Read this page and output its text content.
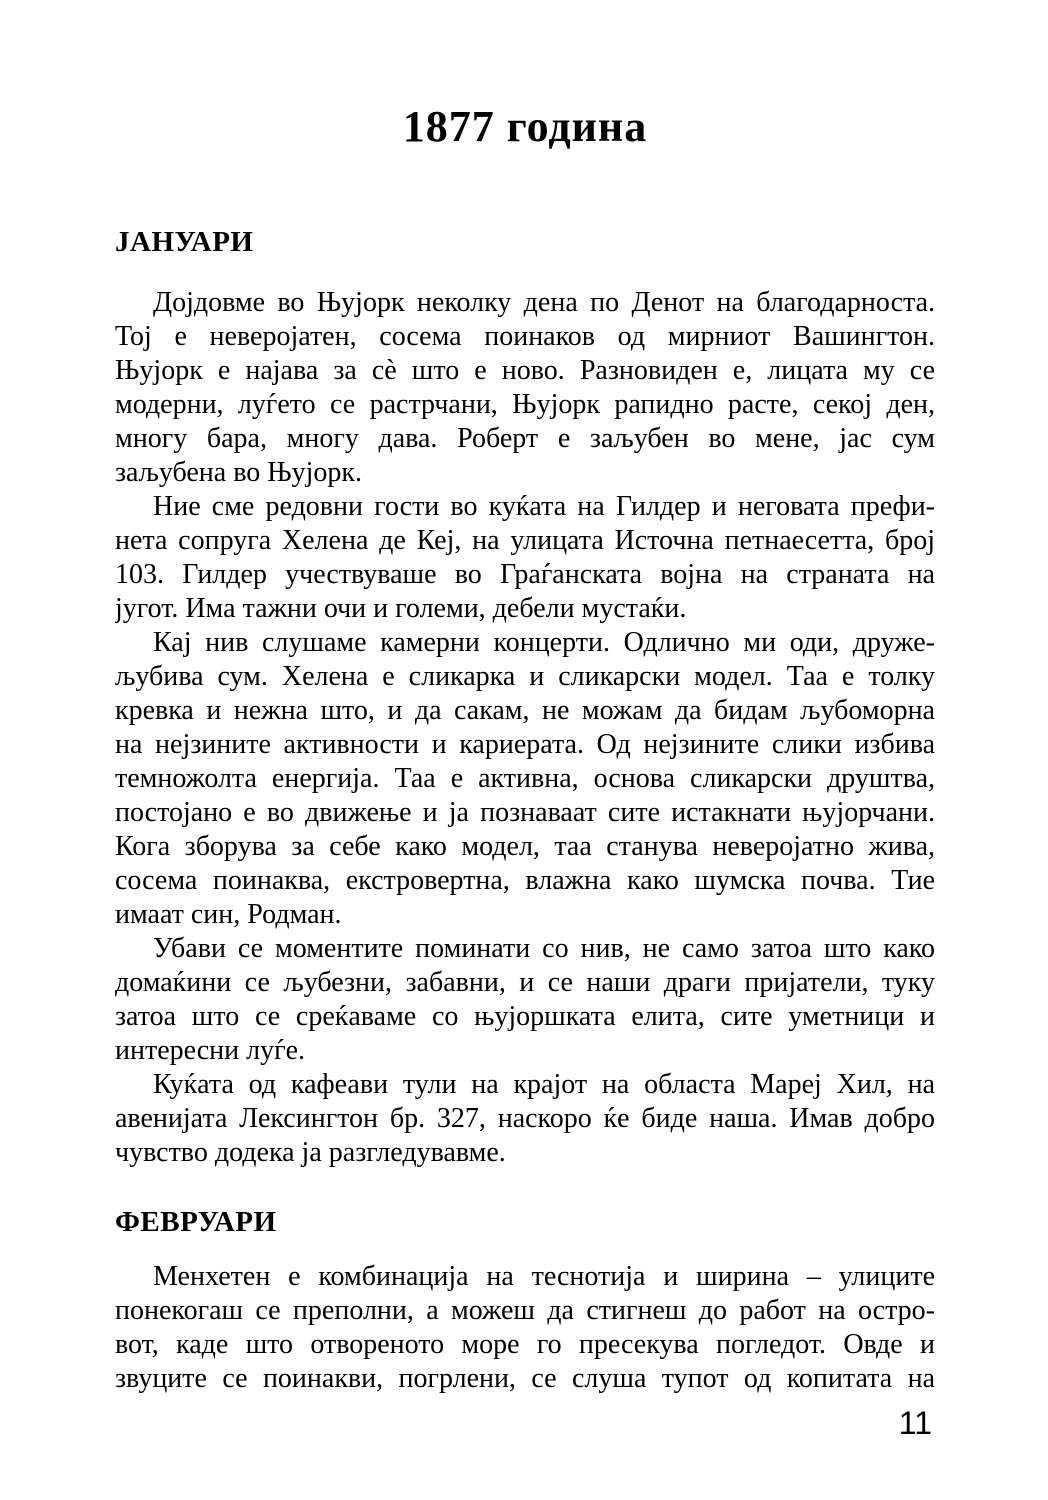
1877 година
ЈАНУАРИ
Дојдовме во Њујорк неколку дена по Денот на благодарноста.
Тој е неверојатен, сосема поинаков од мирниот Вашингтон.
Њујорк е најава за сè што е ново. Разновиден е, лицата му се
модерни, луѓето се растрчани, Њујорк рапидно расте, секој ден,
многу бара, многу дава. Роберт е заљубен во мене, јас сум
заљубена во Њујорк.
Ние сме редовни гости во куќата на Гилдер и неговата префи-
нета сопруга Хелена де Кеј, на улицата Источна петнаесетта, број
103. Гилдер учествуваше во Граѓанската војна на страната на
југот. Има тажни очи и големи, дебели мустаќи.
Кај нив слушаме камерни концерти. Одлично ми оди, друже-
љубива сум. Хелена е сликарка и сликарски модел. Таа е толку
кревка и нежна што, и да сакам, не можам да бидам љубоморна
на нејзините активности и кариерата. Од нејзините слики избива
темножолта енергија. Таа е активна, основа сликарски друштва,
постојано е во движење и ја познаваат сите истакнати њујорчани.
Кога зборува за себе како модел, таа станува неверојатно жива,
сосема поинаква, екстровертна, влажна како шумска почва. Тие
имаат син, Родман.
Убави се моментите поминати со нив, не само затоа што како
домаќини се љубезни, забавни, и се наши драги пријатели, туку
затоа што се среќаваме со њујоршката елита, сите уметници и
интересни луѓе.
Куќата од кафеави тули на крајот на областа Мареј Хил, на
авенијата Лексингтон бр. 327, наскоро ќе биде наша. Имав добро
чувство додека ја разгледувавме.
ФЕВРУАРИ
Менхетен е комбинација на теснотија и ширина – улиците
понекогаш се преполни, а можеш да стигнеш до работ на остро-
вот, каде што отвореното море го пресекува погледот. Овде и
звуците се поинакви, погрлени, се слуша тупот од копитата на
11
